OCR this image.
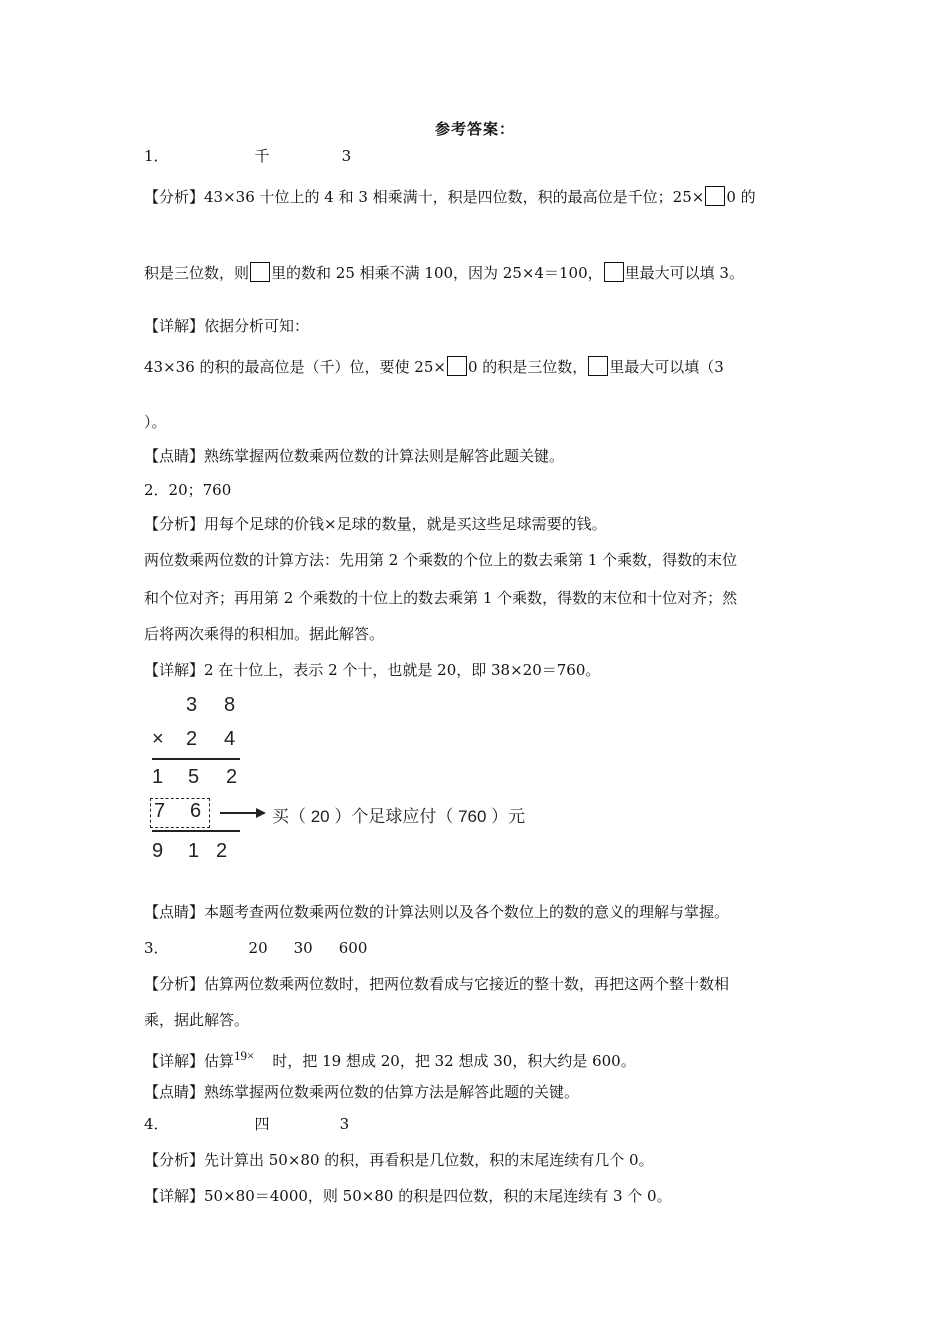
参考答案：
1．	千	3
【分析】43×36 十位上的 4 和 3 相乘满十，积是四位数，积的最高位是千位；25× 0 的
积是三位数，则 里的数和 25 相乘不满 100，因为 25×4＝100， 里最大可以填 3。
【详解】依据分析可知：
43×36 的积的最高位是（千）位，要使 25× 0 的积是三位数， 里最大可以填（3
）。
【点睛】熟练掌握两位数乘两位数的计算法则是解答此题关键。
2．20；760
【分析】用每个足球的价钱×足球的数量，就是买这些足球需要的钱。
两位数乘两位数的计算方法：先用第 2 个乘数的个位上的数去乘第 1 个乘数，得数的末位
和个位对齐；再用第 2 个乘数的十位上的数去乘第 1 个乘数，得数的末位和十位对齐；然
后将两次乘得的积相加。据此解答。
【详解】2 在十位上，表示 2 个十，也就是 20，即 38×20＝760。
3 8
× 2 4
1 5 2
7 6	买（ 20 ）个足球应付（ 760 ）元
9 1 2
【点睛】本题考查两位数乘两位数的计算法则以及各个数位上的数的意义的理解与掌握。
3．	20 30 600
【分析】估算两位数乘两位数时，把两位数看成与它接近的整十数，再把这两个整十数相
乘，据此解答。
【详解】估算19× 时，把 19 想成 20，把 32 想成 30，积大约是 600。
【点睛】熟练掌握两位数乘两位数的估算方法是解答此题的关键。
4．	四	3
【分析】先计算出 50×80 的积，再看积是几位数，积的末尾连续有几个 0。
【详解】50×80＝4000，则 50×80 的积是四位数，积的末尾连续有 3 个 0。
